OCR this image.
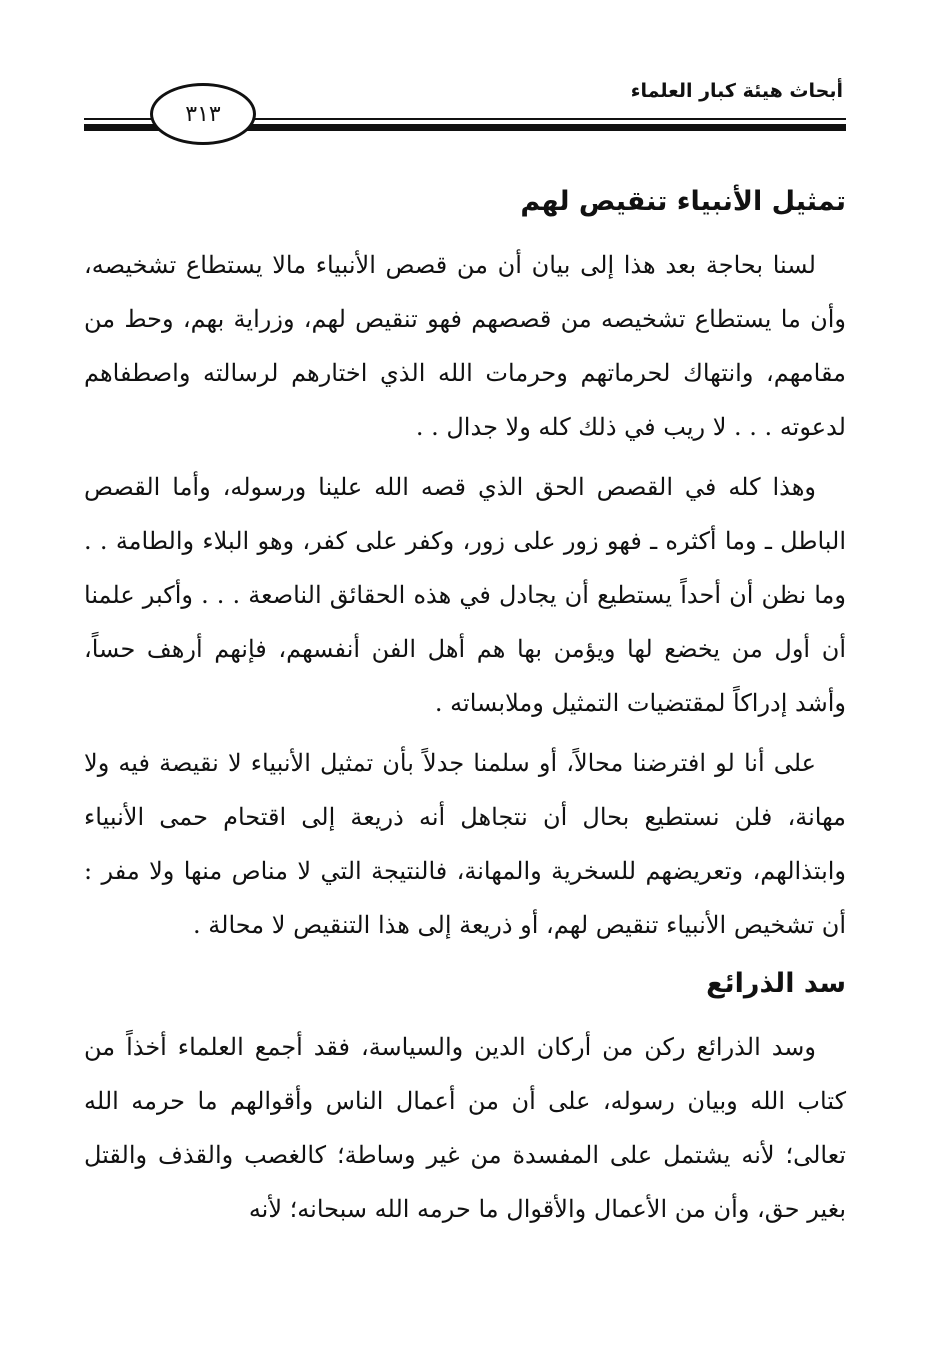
أبحاث هيئة كبار العلماء
٣١٣
تمثيل الأنبياء تنقيص لهم

لسنا بحاجة بعد هذا إلى بيان أن من قصص الأنبياء مالا يستطاع تشخيصه، وأن ما يستطاع تشخيصه من قصصهم فهو تنقيص لهم، وزراية بهم، وحط من مقامهم، وانتهاك لحرماتهم وحرمات الله الذي اختارهم لرسالته واصطفاهم لدعوته . . . لا ريب في ذلك كله ولا جدال . .

وهذا كله في القصص الحق الذي قصه الله علينا ورسوله، وأما القصص الباطل ـ وما أكثره ـ فهو زور على زور، وكفر على كفر، وهو البلاء والطامة . . وما نظن أن أحداً يستطيع أن يجادل في هذه الحقائق الناصعة . . . وأكبر علمنا أن أول من يخضع لها ويؤمن بها هم أهل الفن أنفسهم، فإنهم أرهف حساً، وأشد إدراكاً لمقتضيات التمثيل وملابساته .

على أنا لو افترضنا محالاً، أو سلمنا جدلاً بأن تمثيل الأنبياء لا نقيصة فيه ولا مهانة، فلن نستطيع بحال أن نتجاهل أنه ذريعة إلى اقتحام حمى الأنبياء وابتذالهم، وتعريضهم للسخرية والمهانة، فالنتيجة التي لا مناص منها ولا مفر : أن تشخيص الأنبياء تنقيص لهم، أو ذريعة إلى هذا التنقيص لا محالة .

سد الذرائع

وسد الذرائع ركن من أركان الدين والسياسة، فقد أجمع العلماء أخذاً من كتاب الله وبيان رسوله، على أن من أعمال الناس وأقوالهم ما حرمه الله تعالى؛ لأنه يشتمل على المفسدة من غير وساطة؛ كالغصب والقذف والقتل بغير حق، وأن من الأعمال والأقوال ما حرمه الله سبحانه؛ لأنه
